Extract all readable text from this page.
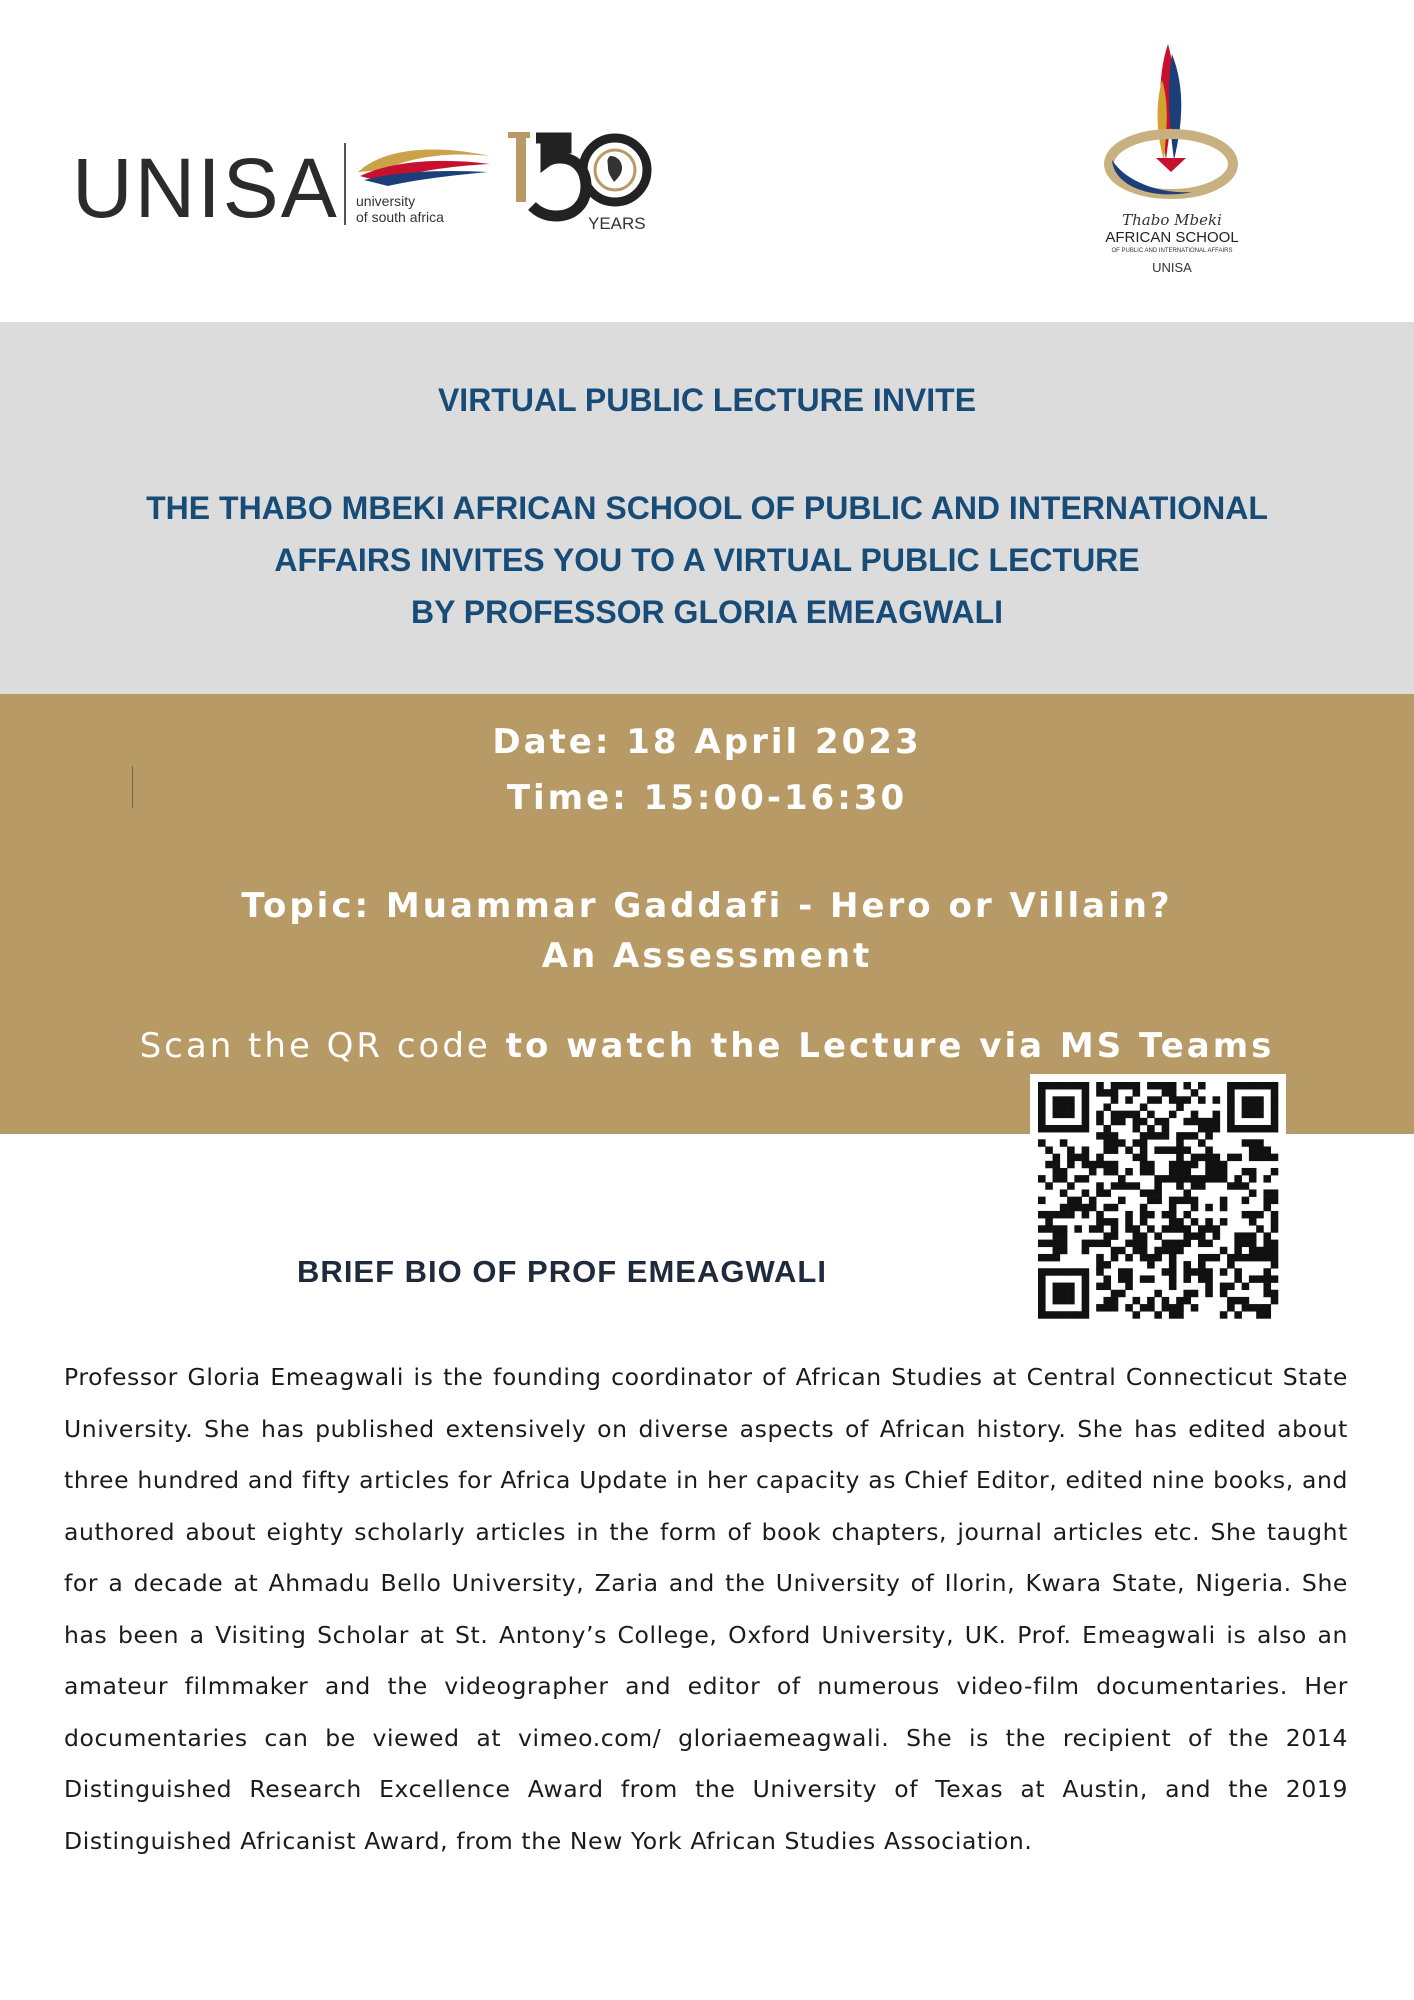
UNISA university
of south africa	YEARS	Thabo Mbeki
AFRICAN SCHOOL
OF PUBLIC AND INTERNATIONAL AFFAIRS
UNISA
VIRTUAL PUBLIC LECTURE INVITE
THE THABO MBEKI AFRICAN SCHOOL OF PUBLIC AND INTERNATIONAL
AFFAIRS INVITES YOU TO A VIRTUAL PUBLIC LECTURE
BY PROFESSOR GLORIA EMEAGWALI
Date: 18 April 2023
Time: 15:00-16:30
Topic: Muammar Gaddafi - Hero or Villain?
An Assessment
Scan the QR code to watch the Lecture via MS Teams
BRIEF BIO OF PROF EMEAGWALI
Professor Gloria Emeagwali is the founding coordinator of African Studies at Central Connecticut State University. She has published extensively on diverse aspects of African history. She has edited about three hundred and fifty articles for Africa Update in her capacity as Chief Editor, edited nine books, and authored about eighty scholarly articles in the form of book chapters, journal articles etc. She taught for a decade at Ahmadu Bello University, Zaria and the University of Ilorin, Kwara State, Nigeria. She has been a Visiting Scholar at St. Antony’s College, Oxford University, UK. Prof. Emeagwali is also an amateur filmmaker and the videographer and editor of numerous video-film documentaries. Her documentaries can be viewed at vimeo.com/ gloriaemeagwali. She is the recipient of the 2014 Distinguished Research Excellence Award from the University of Texas at Austin, and the 2019 Distinguished Africanist Award, from the New York African Studies Association.
